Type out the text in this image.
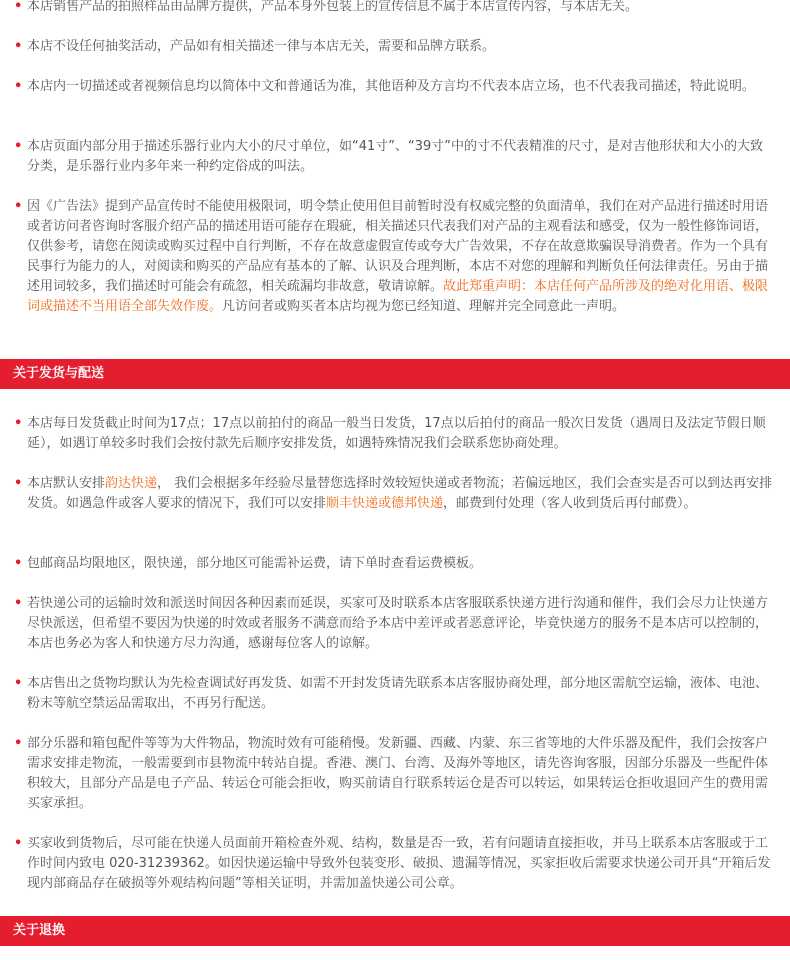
• 本店销售产品的拍照样品由品牌方提供，产品本身外包装上的宣传信息不属于本店宣传内容，与本店无关。
• 本店不设任何抽奖活动，产品如有相关描述一律与本店无关，需要和品牌方联系。
• 本店内一切描述或者视频信息均以简体中文和普通话为准，其他语种及方言均不代表本店立场，也不代表我司描述，特此说明。
• 本店页面内部分用于描述乐器行业内大小的尺寸单位，如“41寸”、“39寸”中的寸不代表精准的尺寸，是对吉他形状和大小的大致分类，是乐器行业内多年来一种约定俗成的叫法。
• 因《广告法》提到产品宣传时不能使用极限词，明令禁止使用但目前暂时没有权威完整的负面清单，我们在对产品进行描述时用语或者访问者咨询时客服介绍产品的描述用语可能存在瑕疵，相关描述只代表我们对产品的主观看法和感受，仅为一般性修饰词语，仅供参考，请您在阅读或购买过程中自行判断，不存在故意虚假宣传或夸大广告效果，不存在故意欺骗误导消费者。作为一个具有民事行为能力的人，对阅读和购买的产品应有基本的了解、认识及合理判断，本店不对您的理解和判断负任何法律责任。另由于描述用词较多，我们描述时可能会有疏忽，相关疏漏均非故意，敬请谅解。故此郑重声明：本店任何产品所涉及的绝对化用语、极限词或描述不当用语全部失效作废。凡访问者或购买者本店均视为您已经知道、理解并完全同意此一声明。
关于发货与配送
• 本店每日发货截止时间为17点；17点以前拍付的商品一般当日发货，17点以后拍付的商品一般次日发货（遇周日及法定节假日顺延），如遇订单较多时我们会按付款先后顺序安排发货，如遇特殊情况我们会联系您协商处理。
• 本店默认安排韵达快递， 我们会根据多年经验尽量替您选择时效较短快递或者物流；若偏远地区，我们会查实是否可以到达再安排发货。如遇急件或客人要求的情况下，我们可以安排顺丰快递或德邦快递，邮费到付处理（客人收到货后再付邮费）。
• 包邮商品均限地区，限快递，部分地区可能需补运费，请下单时查看运费模板。
• 若快递公司的运输时效和派送时间因各种因素而延误，买家可及时联系本店客服联系快递方进行沟通和催件，我们会尽力让快递方尽快派送，但希望不要因为快递的时效或者服务不满意而给予本店中差评或者恶意评论，毕竟快递方的服务不是本店可以控制的，本店也务必为客人和快递方尽力沟通，感谢每位客人的谅解。
• 本店售出之货物均默认为先检查调试好再发货、如需不开封发货请先联系本店客服协商处理，部分地区需航空运输，液体、电池、粉末等航空禁运品需取出，不再另行配送。
• 部分乐器和箱包配件等等为大件物品，物流时效有可能稍慢。发新疆、西藏、内蒙、东三省等地的大件乐器及配件，我们会按客户需求安排走物流，一般需要到市县物流中转站自提。香港、澳门、台湾、及海外等地区，请先咨询客服，因部分乐器及一些配件体积较大，且部分产品是电子产品、转运仓可能会拒收，购买前请自行联系转运仓是否可以转运，如果转运仓拒收退回产生的费用需买家承担。
• 买家收到货物后，尽可能在快递人员面前开箱检查外观、结构，数量是否一致，若有问题请直接拒收，并马上联系本店客服或于工作时间内致电 020-31239362。如因快递运输中导致外包装变形、破损、遗漏等情况，买家拒收后需要求快递公司开具“开箱后发现内部商品存在破损等外观结构问题”等相关证明，并需加盖快递公司公章。
关于退换
